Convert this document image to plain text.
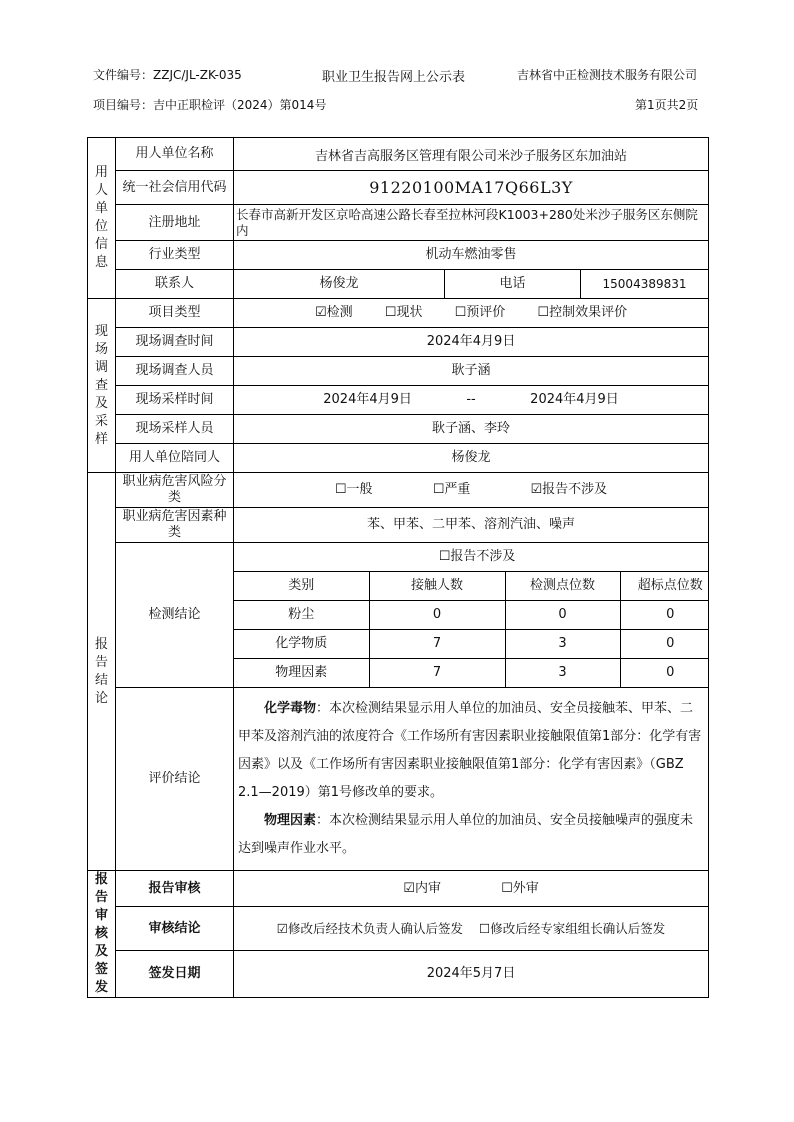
文件编号：ZZJC/JL-ZK-035	职业卫生报告网上公示表	吉林省中正检测技术服务有限公司
项目编号：吉中正职检评（2024）第014号	第1页共2页
用
人
单
位
信
息
	用人单位名称	吉林省吉高服务区管理有限公司米沙子服务区东加油站
统一社会信用代码	91220100MA17Q66L3Y
注册地址	长春市高新开发区京哈高速公路长春至拉林河段K1003+280处米沙子服务区东侧院内
行业类型	机动车燃油零售
联系人	杨俊龙	电话	15004389831

现
场
调
查
及
采
样
	项目类型	☑检测 ☐现状 ☐预评价 ☐控制效果评价
现场调查时间	2024年4月9日
现场调查人员	耿子涵
现场采样时间	2024年4月9日	--	2024年4月9日
现场采样人员	耿子涵、李玲
用人单位陪同人	杨俊龙

报
告
结
论
	职业病危害风险分类	☐一般	☐严重	☑报告不涉及
职业病危害因素种类	苯、甲苯、二甲苯、溶剂汽油、噪声
检测结论	
☐报告不涉及
类别	接触人数	检测点位数	超标点位数
粉尘	0	0	0
化学物质	7	3	0
物理因素	7	3	0

评价结论	

化学毒物：本次检测结果显示用人单位的加油员、安全员接触苯、甲苯、二甲苯及溶剂汽油的浓度符合《工作场所有害因素职业接触限值第1部分：化学有害因素》以及《工作场所有害因素职业接触限值第1部分：化学有害因素》（GBZ 2.1—2019）第1号修改单的要求。

物理因素：本次检测结果显示用人单位的加油员、安全员接触噪声的强度未达到噪声作业水平。

报
告
审
核
及
签
发
	报告审核	☑内审	☐外审
审核结论	☑修改后经技术负责人确认后签发 ☐修改后经专家组组长确认后签发
签发日期	2024年5月7日
